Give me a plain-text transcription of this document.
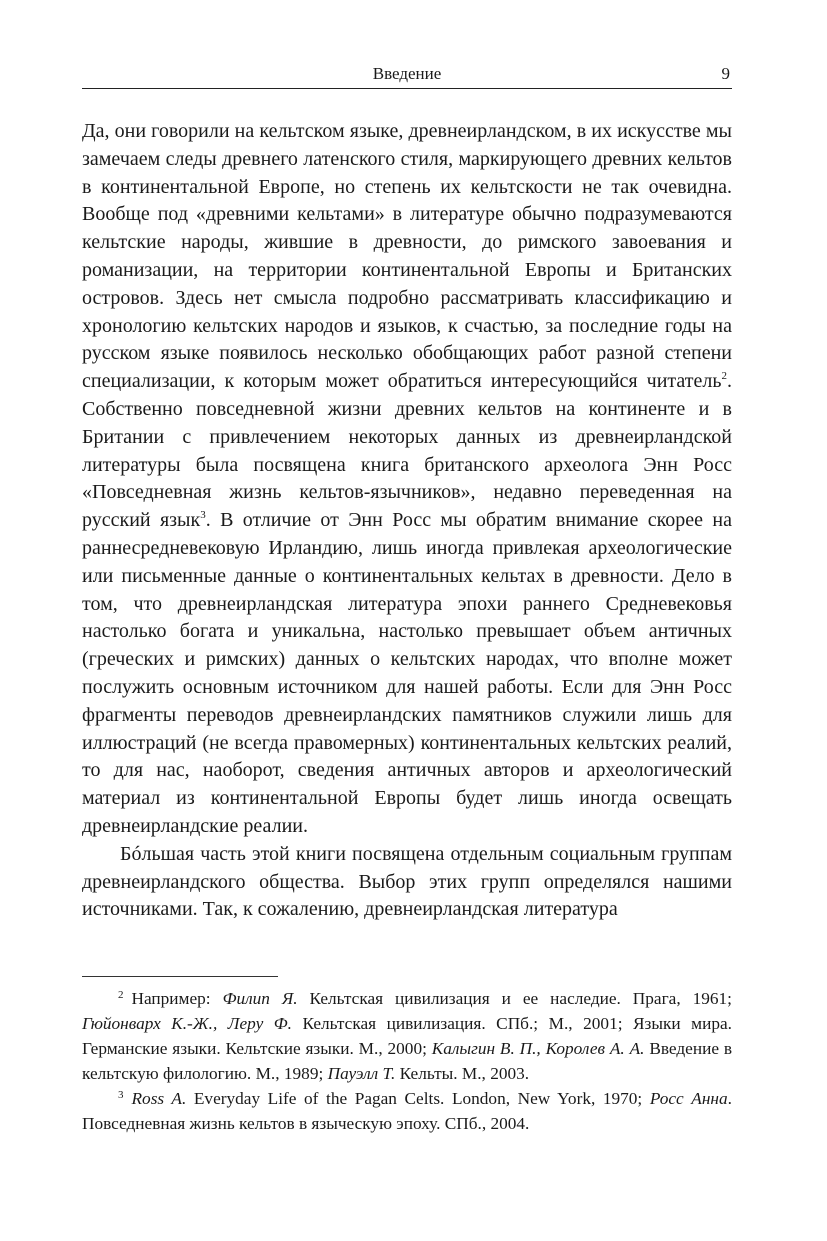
Введение	9

Да, они говорили на кельтском языке, древнеирландском, в их искусстве мы замечаем следы древнего латенского стиля, маркирующего древних кельтов в континентальной Европе, но степень их кельтскости не так очевидна. Вообще под «древними кельтами» в литературе обычно подразумеваются кельтские народы, жившие в древности, до римского завоевания и романизации, на территории континентальной Европы и Британских островов. Здесь нет смысла подробно рассматривать классификацию и хронологию кельтских народов и языков, к счастью, за последние годы на русском языке появилось несколько обобщающих работ разной степени специализации, к которым может обратиться интересующийся читатель$^2$. Собственно повседневной жизни древних кельтов на континенте и в Британии с привлечением некоторых данных из древнеирландской литературы была посвящена книга британского археолога Энн Росс «Повседневная жизнь кельтов-язычников», недавно переведенная на русский язык$^3$. В отличие от Энн Росс мы обратим внимание скорее на раннесредневековую Ирландию, лишь иногда привлекая археологические или письменные данные о континентальных кельтах в древности. Дело в том, что древнеирландская литература эпохи раннего Средневековья настолько богата и уникальна, настолько превышает объем античных (греческих и римских) данных о кельтских народах, что вполне может послужить основным источником для нашей работы. Если для Энн Росс фрагменты переводов древнеирландских памятников служили лишь для иллюстраций (не всегда правомерных) континентальных кельтских реалий, то для нас, наоборот, сведения античных авторов и археологический материал из континентальной Европы будет лишь иногда освещать древнеирландские реалии.

Бóльшая часть этой книги посвящена отдельным социальным группам древнеирландского общества. Выбор этих групп определялся нашими источниками. Так, к сожалению, древнеирландская литература

$^2$ Например: Филип Я. Кельтская цивилизация и ее наследие. Прага, 1961; Гюйонварх К.-Ж., Леру Ф. Кельтская цивилизация. СПб.; М., 2001; Языки мира. Германские языки. Кельтские языки. М., 2000; Калыгин В. П., Королев А. А. Введение в кельтскую филологию. М., 1989; Пауэлл Т. Кельты. М., 2003.

$^3$ Ross A. Everyday Life of the Pagan Celts. London, New York, 1970; Росс Анна. Повседневная жизнь кельтов в языческую эпоху. СПб., 2004.
